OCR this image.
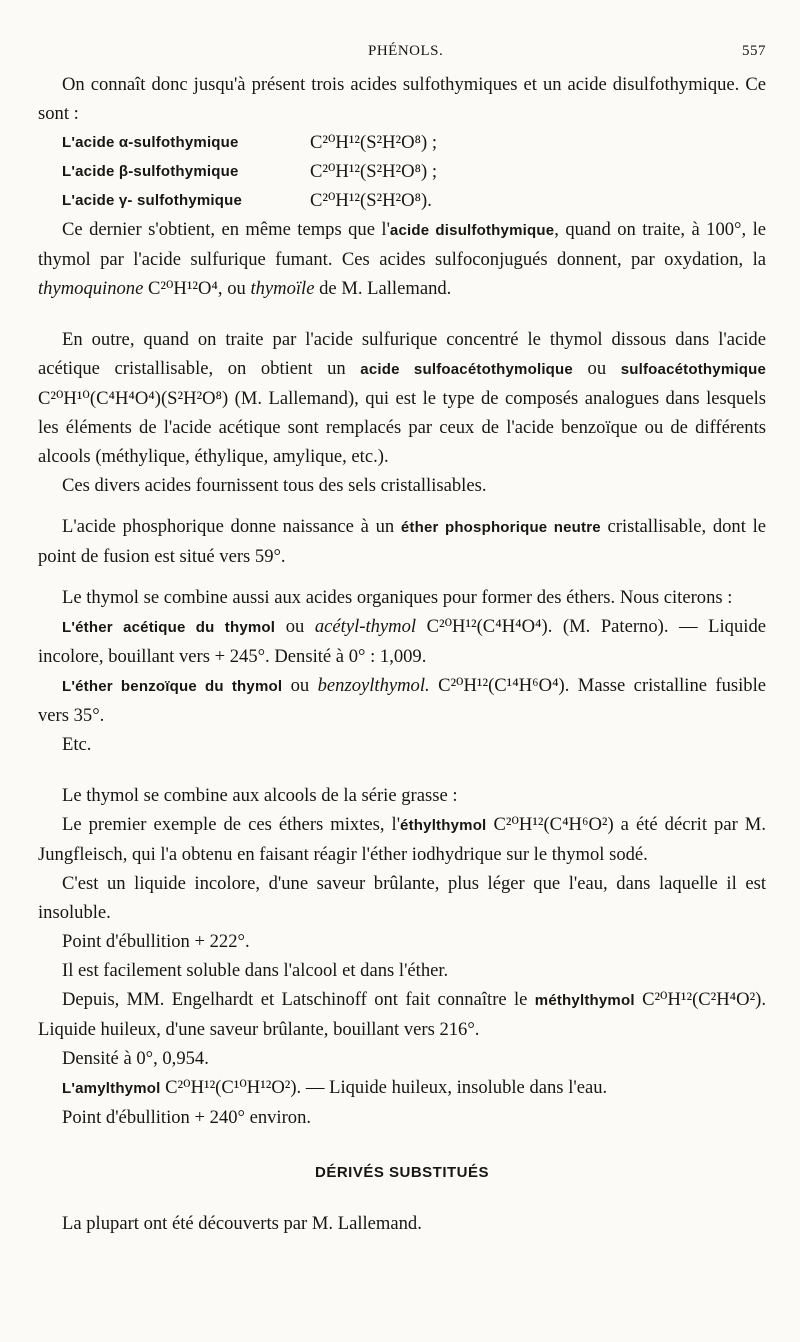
PHÉNOLS.	557

On connaît donc jusqu'à présent trois acides sulfothymiques et un acide disulfothymique. Ce sont :

L'acide α-sulfothymique	C²⁰H¹²(S²H²O⁸) ;
L'acide β-sulfothymique	C²⁰H¹²(S²H²O⁸) ;
L'acide γ- sulfothymique	C²⁰H¹²(S²H²O⁸).

Ce dernier s'obtient, en même temps que l'acide disulfothymique, quand on traite, à 100°, le thymol par l'acide sulfurique fumant. Ces acides sulfoconjugués donnent, par oxydation, la thymoquinone C²⁰H¹²O⁴, ou thymoïle de M. Lallemand.

En outre, quand on traite par l'acide sulfurique concentré le thymol dissous dans l'acide acétique cristallisable, on obtient un acide sulfoacétothymolique ou sulfoacétothymique C²⁰H¹⁰(C⁴H⁴O⁴)(S²H²O⁸) (M. Lallemand), qui est le type de composés analogues dans lesquels les éléments de l'acide acétique sont remplacés par ceux de l'acide benzoïque ou de différents alcools (méthylique, éthylique, amylique, etc.).

Ces divers acides fournissent tous des sels cristallisables.

L'acide phosphorique donne naissance à un éther phosphorique neutre cristallisable, dont le point de fusion est situé vers 59°.

Le thymol se combine aussi aux acides organiques pour former des éthers. Nous citerons :

L'éther acétique du thymol ou acétyl-thymol C²⁰H¹²(C⁴H⁴O⁴). (M. Paterno). — Liquide incolore, bouillant vers + 245°. Densité à 0° : 1,009.

L'éther benzoïque du thymol ou benzoylthymol. C²⁰H¹²(C¹⁴H⁶O⁴). Masse cristalline fusible vers 35°.

Etc.

Le thymol se combine aux alcools de la série grasse :

Le premier exemple de ces éthers mixtes, l'éthylthymol C²⁰H¹²(C⁴H⁶O²) a été décrit par M. Jungfleisch, qui l'a obtenu en faisant réagir l'éther iodhydrique sur le thymol sodé.

C'est un liquide incolore, d'une saveur brûlante, plus léger que l'eau, dans laquelle il est insoluble.

Point d'ébullition + 222°.

Il est facilement soluble dans l'alcool et dans l'éther.

Depuis, MM. Engelhardt et Latschinoff ont fait connaître le méthylthymol C²⁰H¹²(C²H⁴O²). Liquide huileux, d'une saveur brûlante, bouillant vers 216°.

Densité à 0°, 0,954.

L'amylthymol C²⁰H¹²(C¹⁰H¹²O²). — Liquide huileux, insoluble dans l'eau.

Point d'ébullition + 240° environ.

DÉRIVÉS SUBSTITUÉS

La plupart ont été découverts par M. Lallemand.
